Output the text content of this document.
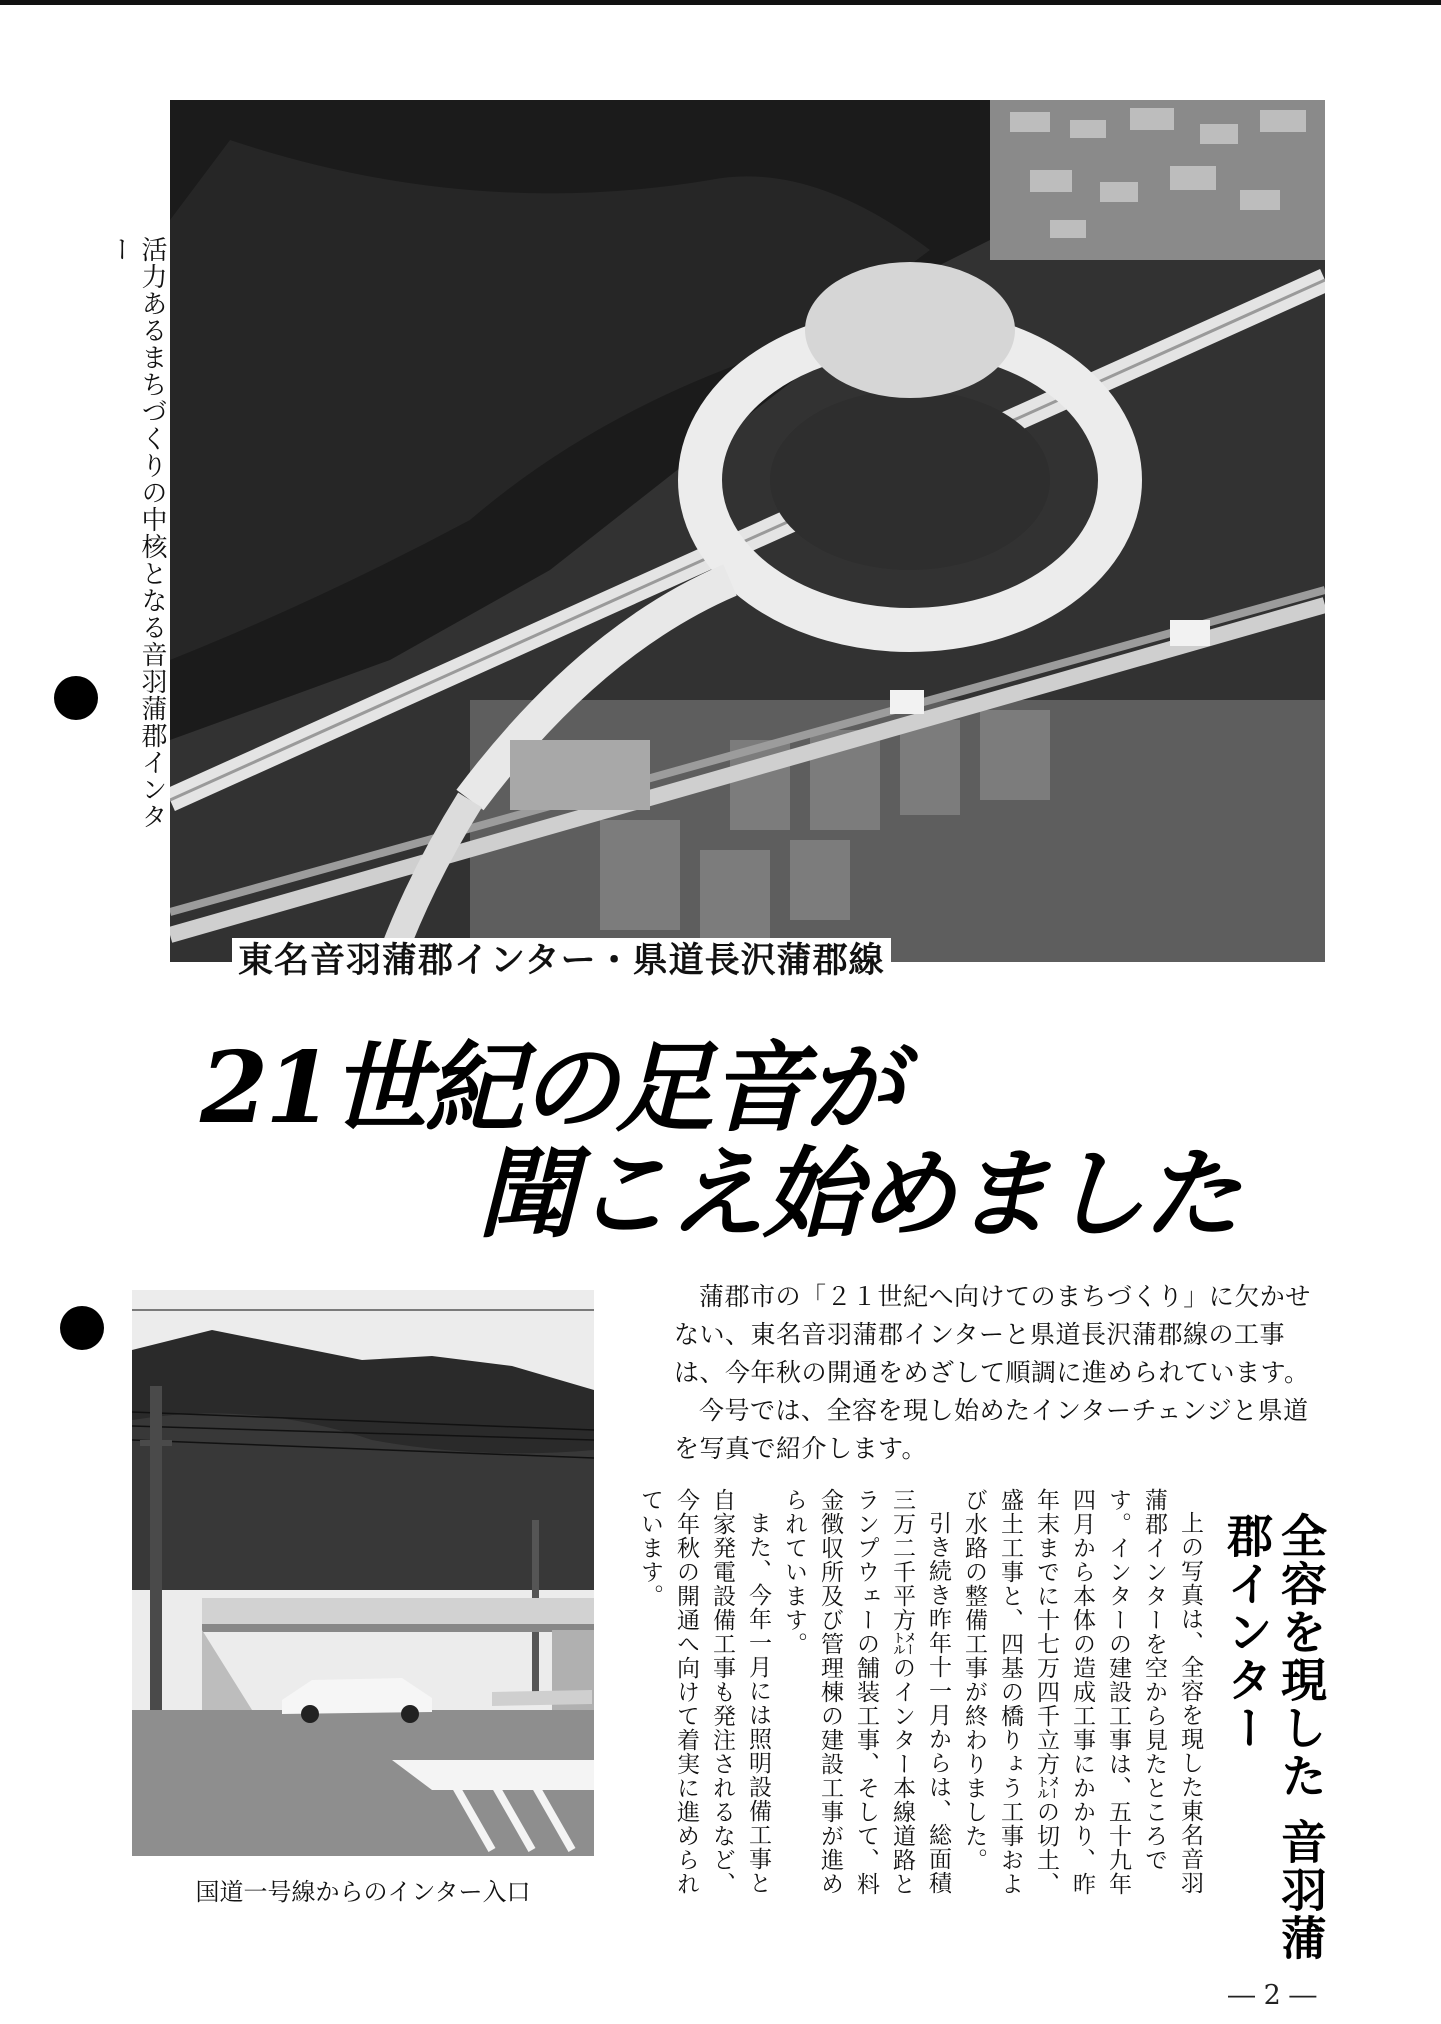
活力あるまちづくりの中核となる音羽蒲郡インター
東名音羽蒲郡インター・県道長沢蒲郡線
21世紀の足音が
聞こえ始めました

蒲郡市の「２１世紀へ向けてのまちづくり」に欠かせない、東名音羽蒲郡インターと県道長沢蒲郡線の工事は、今年秋の開通をめざして順調に進められています。

今号では、全容を現し始めたインターチェンジと県道を写真で紹介します。

国道一号線からのインター入口	全容を現した 音羽蒲郡インター

上の写真は、全容を現した東名音羽蒲郡インターを空から見たところです。インターの建設工事は、五十九年四月から本体の造成工事にかかり、昨年末までに十七万四千立方㍍の切土、盛土工事と、四基の橋りょう工事および水路の整備工事が終わりました。

引き続き昨年十一月からは、総面積三万二千平方㍍のインター本線道路とランプウェーの舗装工事、そして、料金徴収所及び管理棟の建設工事が進められています。

また、今年一月には照明設備工事と自家発電設備工事も発注されるなど、今年秋の開通へ向けて着実に進められています。

― 2 ―
